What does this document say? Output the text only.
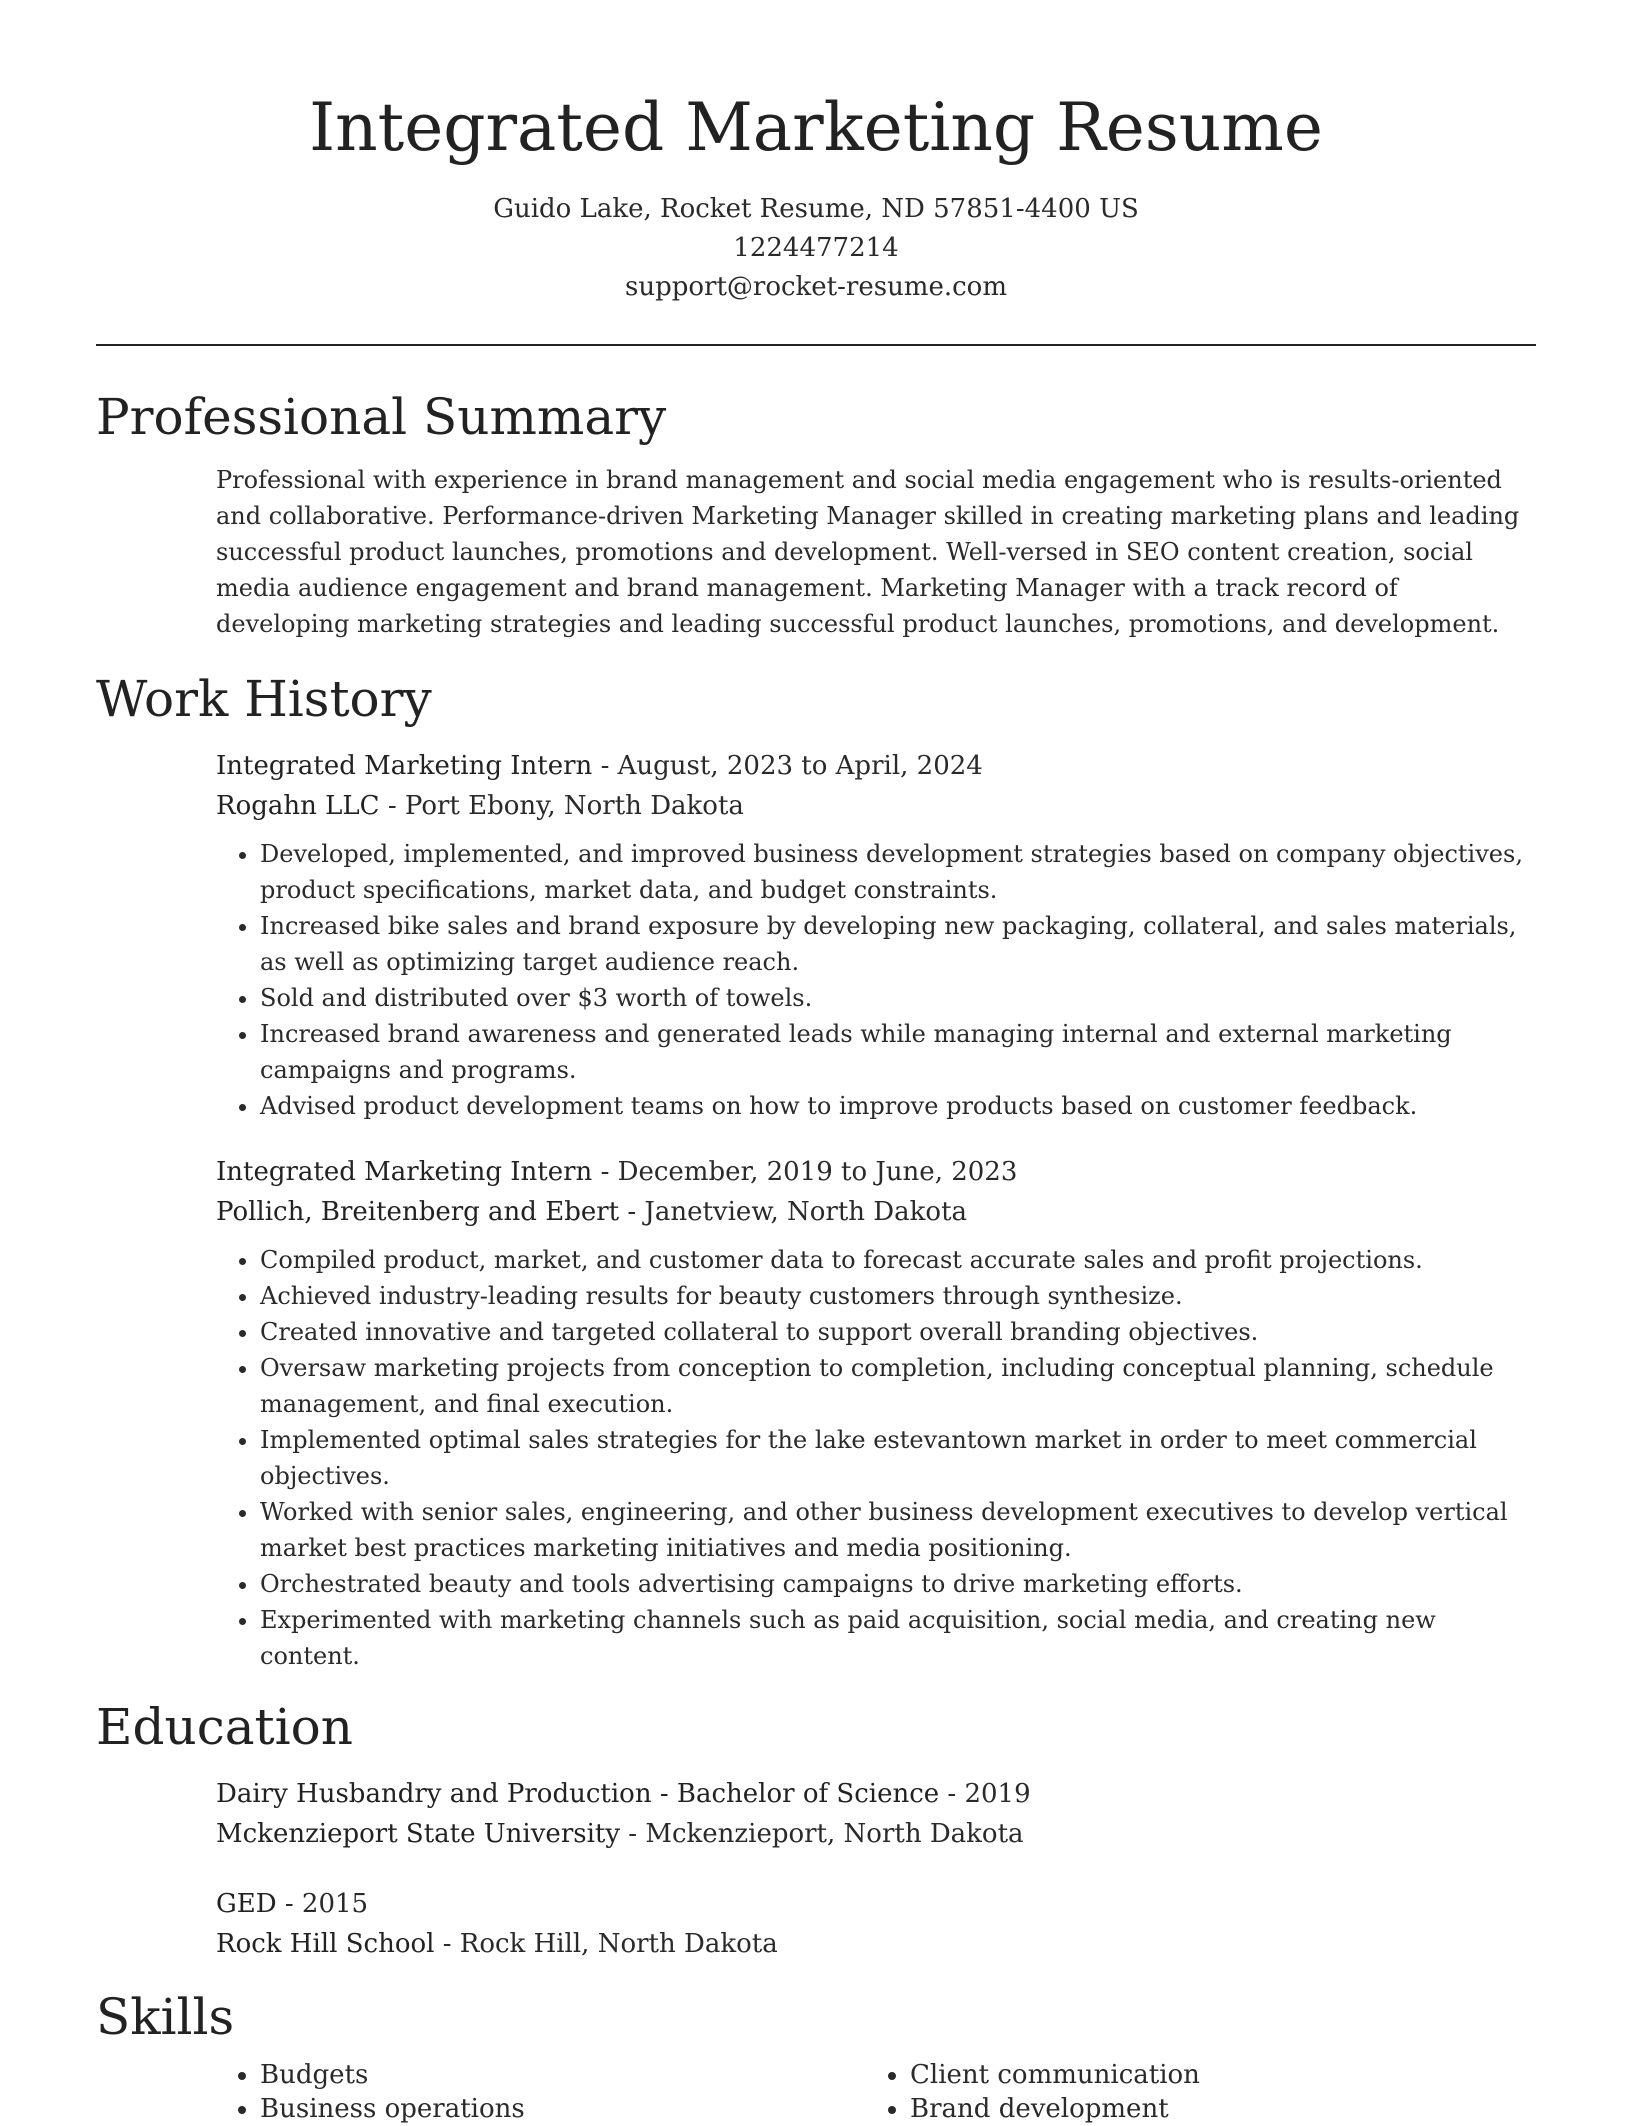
Integrated Marketing Resume
Guido Lake, Rocket Resume, ND 57851-4400 US
1224477214
support@rocket-resume.com
Professional Summary
Professional with experience in brand management and social media engagement who is results-oriented and collaborative. Performance-driven Marketing Manager skilled in creating marketing plans and leading successful product launches, promotions and development. Well-versed in SEO content creation, social media audience engagement and brand management. Marketing Manager with a track record of developing marketing strategies and leading successful product launches, promotions, and development.
Work History
Integrated Marketing Intern - August, 2023 to April, 2024
Rogahn LLC - Port Ebony, North Dakota
• Developed, implemented, and improved business development strategies based on company objectives, product specifications, market data, and budget constraints.
• Increased bike sales and brand exposure by developing new packaging, collateral, and sales materials, as well as optimizing target audience reach.
• Sold and distributed over $3 worth of towels.
• Increased brand awareness and generated leads while managing internal and external marketing campaigns and programs.
• Advised product development teams on how to improve products based on customer feedback.
Integrated Marketing Intern - December, 2019 to June, 2023
Pollich, Breitenberg and Ebert - Janetview, North Dakota
• Compiled product, market, and customer data to forecast accurate sales and profit projections.
• Achieved industry-leading results for beauty customers through synthesize.
• Created innovative and targeted collateral to support overall branding objectives.
• Oversaw marketing projects from conception to completion, including conceptual planning, schedule management, and final execution.
• Implemented optimal sales strategies for the lake estevantown market in order to meet commercial objectives.
• Worked with senior sales, engineering, and other business development executives to develop vertical market best practices marketing initiatives and media positioning.
• Orchestrated beauty and tools advertising campaigns to drive marketing efforts.
• Experimented with marketing channels such as paid acquisition, social media, and creating new content.
Education
Dairy Husbandry and Production - Bachelor of Science - 2019
Mckenzieport State University - Mckenzieport, North Dakota
GED - 2015
Rock Hill School - Rock Hill, North Dakota
Skills
• Budgets
• Business operations
• Client communication
• Brand development
